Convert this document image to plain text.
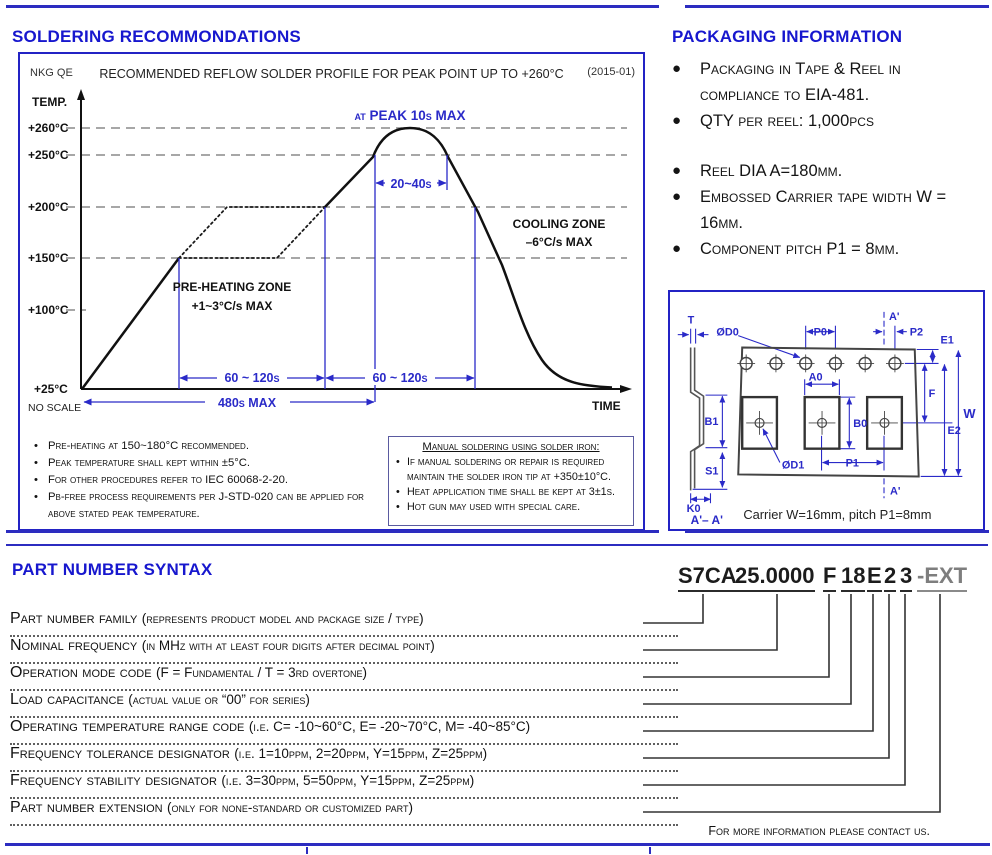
SOLDERING RECOMMONDATIONS	PACKAGING INFORMATION
NKG QE	RECOMMENDED REFLOW SOLDER PROFILE FOR PEAK POINT UP TO +260°C	(2015-01)
+260°C
+250°C
+200°C
+150°C
+100°C
+25°C
TEMP.
TIME
NO SCALE
20~40s
60 ~ 120s	60 ~ 120s
480s MAX
at PEAK 10s MAX
COOLING ZONE
–6°C/s MAX
PRE-HEATING ZONE
+1~3°C/s MAX
• Pre-heating at 150~180°C recommended.
• Peak temperature shall kept within ±5°C.
• For other procedures refer to IEC 60068-2-20.
• Pb-free process requirements per J-STD-020 can be applied for above stated peak temperature.
Manual soldering using solder iron:
• If manual soldering or repair is required maintain the solder iron tip at +350±10°C.
• Heat application time shall be kept at 3±1s.
• Hot gun may used with special care.
●	Packaging in Tape & Reel in compliance to EIA-481.
●	QTY per reel: 1,000pcs
●	Reel DIA A=180mm.
●	Embossed Carrier tape width W = 16mm.
●	Component pitch P1 = 8mm.
T
ØD0	P0
A'
P2
E1
A0
F
W
B1	B0
E2
S1	ØD1	P1
K0
A'– A'
A'
Carrier W=16mm, pitch P1=8mm
PART NUMBER SYNTAX	S7CA
25.0000 F 18 E 2 3 -EXT
Part number family (represents product model and package size / type)
Nominal frequency (in MHz with at least four digits after decimal point)
Operation mode code (F = Fundamental / T = 3rd overtone)
Load capacitance (actual value or “00” for series)
Operating temperature range code (i.e. C= -10~60°C, E= -20~70°C, M= -40~85°C)
Frequency tolerance designator (i.e. 1=10ppm, 2=20ppm, Y=15ppm, Z=25ppm)
Frequency stability designator (i.e. 3=30ppm, 5=50ppm, Y=15ppm, Z=25ppm)
Part number extension (only for none-standard or customized part)
For more information please contact us.
